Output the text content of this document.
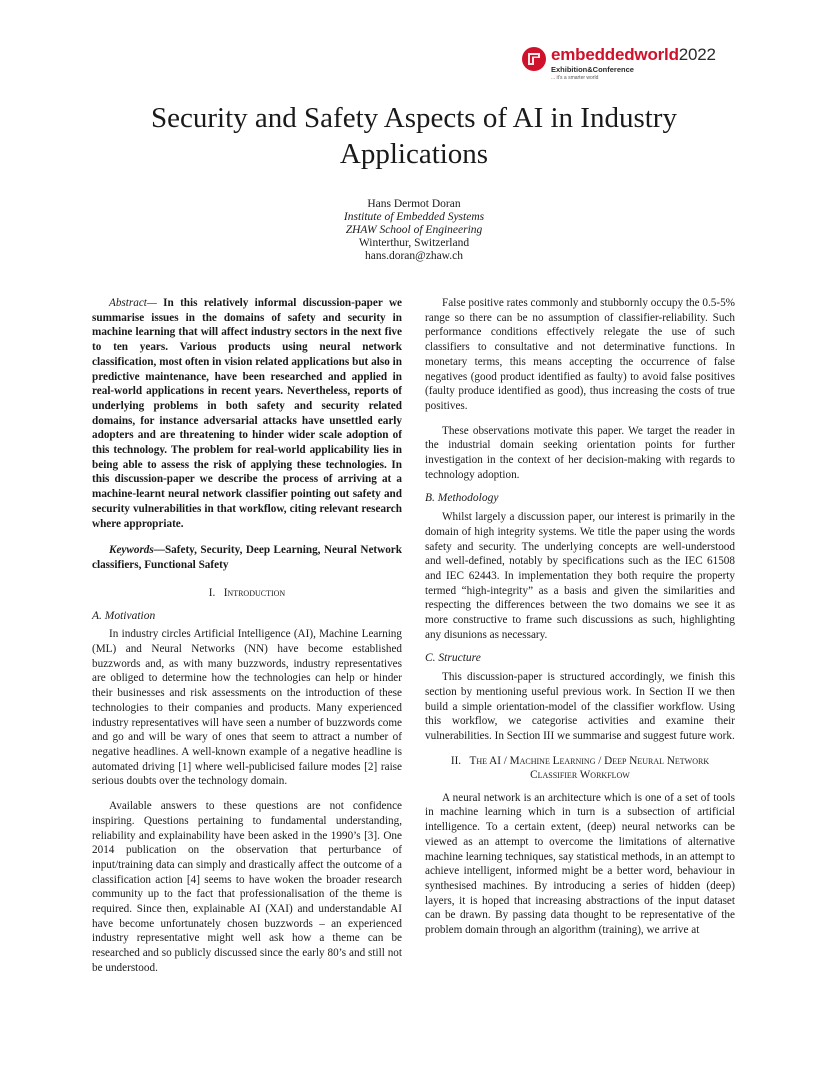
embeddedworld2022
Exhibition&Conference
... it's a smarter world
Security and Safety Aspects of AI in Industry
Applications
Hans Dermot Doran
Institute of Embedded Systems
ZHAW School of Engineering
Winterthur, Switzerland
hans.doran@zhaw.ch

Abstract— In this relatively informal discussion-paper we summarise issues in the domains of safety and security in machine learning that will affect industry sectors in the next five to ten years. Various products using neural network classification, most often in vision related applications but also in predictive maintenance, have been researched and applied in real-world applications in recent years. Nevertheless, reports of underlying problems in both safety and security related domains, for instance adversarial attacks have unsettled early adopters and are threatening to hinder wider scale adoption of this technology. The problem for real-world applicability lies in being able to assess the risk of applying these technologies. In this discussion-paper we describe the process of arriving at a machine-learnt neural network classifier pointing out safety and security vulnerabilities in that workflow, citing relevant research where appropriate.

Keywords—Safety, Security, Deep Learning, Neural Network classifiers, Functional Safety

I. Introduction
A. Motivation

In industry circles Artificial Intelligence (AI), Machine Learning (ML) and Neural Networks (NN) have become established buzzwords and, as with many buzzwords, industry representatives are obliged to determine how the technologies can help or hinder their businesses and risk assessments on the introduction of these technologies to their companies and products. Many experienced industry representatives will have seen a number of buzzwords come and go and will be wary of ones that seem to attract a number of negative headlines. A well-known example of a negative headline is automated driving [1] where well-publicised failure modes [2] raise serious doubts over the technology domain.

Available answers to these questions are not confidence inspiring. Questions pertaining to fundamental understanding, reliability and explainability have been asked in the 1990’s [3]. One 2014 publication on the observation that perturbance of input/training data can simply and drastically affect the outcome of a classification action [4] seems to have woken the broader research community up to the fact that professionalisation of the theme is required. Since then, explainable AI (XAI) and understandable AI have become unfortunately chosen buzzwords – an experienced industry representative might well ask how a theme can be researched and so publicly discussed since the early 80’s and still not be understood.

False positive rates commonly and stubbornly occupy the 0.5-5% range so there can be no assumption of classifier-reliability. Such performance conditions effectively relegate the use of such classifiers to consultative and not determinative functions. In monetary terms, this means accepting the occurrence of false negatives (good product identified as faulty) to avoid false positives (faulty produce identified as good), thus increasing the costs of true positives.

These observations motivate this paper. We target the reader in the industrial domain seeking orientation points for further investigation in the context of her decision-making with regards to technology adoption.

B. Methodology

Whilst largely a discussion paper, our interest is primarily in the domain of high integrity systems. We title the paper using the words safety and security. The underlying concepts are well-understood and well-defined, notably by specifications such as the IEC 61508 and IEC 62443. In implementation they both require the property termed “high-integrity” as a basis and given the similarities and respecting the differences between the two domains we see it as more constructive to frame such discussions as such, highlighting any disunions as necessary.

C. Structure

This discussion-paper is structured accordingly, we finish this section by mentioning useful previous work. In Section II we then build a simple orientation-model of the classifier workflow. Using this workflow, we categorise activities and examine their vulnerabilities. In Section III we summarise and suggest future work.

II. The AI / Machine Learning / Deep Neural Network
Classifier Workflow

A neural network is an architecture which is one of a set of tools in machine learning which in turn is a subsection of artificial intelligence. To a certain extent, (deep) neural networks can be viewed as an attempt to overcome the limitations of alternative machine learning techniques, say statistical methods, in an attempt to achieve intelligent, informed might be a better word, behaviour in synthesised machines. By introducing a series of hidden (deep) layers, it is hoped that increasing abstractions of the input dataset can be drawn. By passing data thought to be representative of the problem domain through an algorithm (training), we arrive at
